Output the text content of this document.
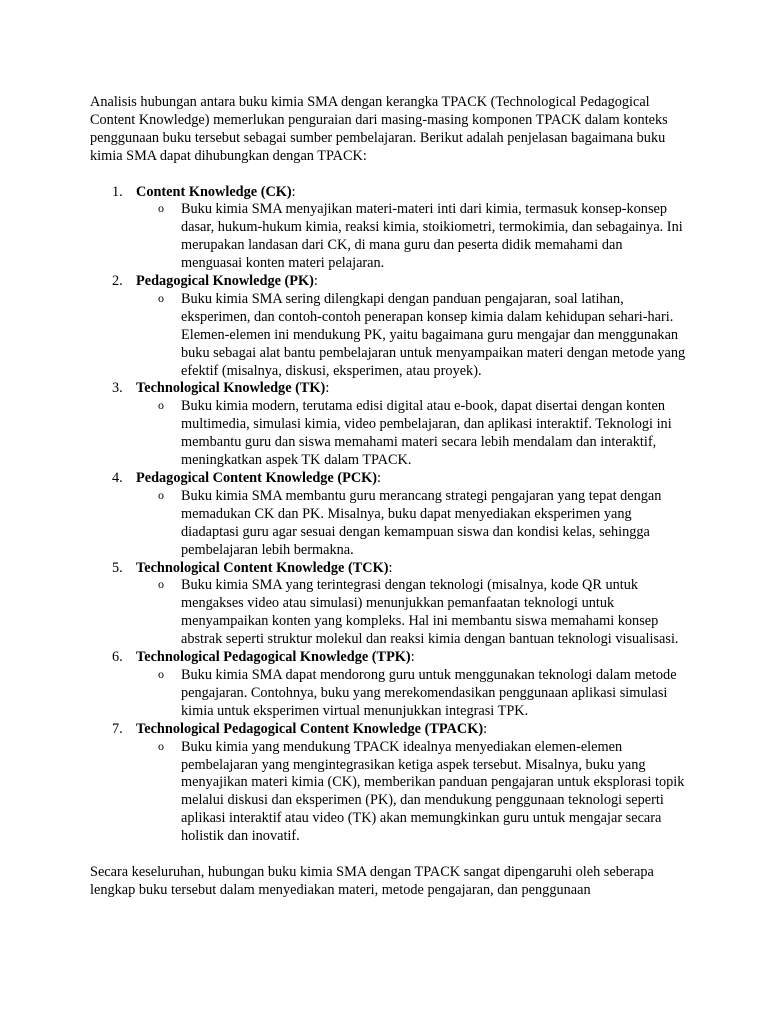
Analisis hubungan antara buku kimia SMA dengan kerangka TPACK (Technological Pedagogical Content Knowledge) memerlukan penguraian dari masing-masing komponen TPACK dalam konteks penggunaan buku tersebut sebagai sumber pembelajaran. Berikut adalah penjelasan bagaimana buku kimia SMA dapat dihubungkan dengan TPACK:

1. Content Knowledge (CK):
o Buku kimia SMA menyajikan materi-materi inti dari kimia, termasuk konsep-konsep dasar, hukum-hukum kimia, reaksi kimia, stoikiometri, termokimia, dan sebagainya. Ini merupakan landasan dari CK, di mana guru dan peserta didik memahami dan menguasai konten materi pelajaran.
2. Pedagogical Knowledge (PK):
o Buku kimia SMA sering dilengkapi dengan panduan pengajaran, soal latihan, eksperimen, dan contoh-contoh penerapan konsep kimia dalam kehidupan sehari-hari. Elemen-elemen ini mendukung PK, yaitu bagaimana guru mengajar dan menggunakan buku sebagai alat bantu pembelajaran untuk menyampaikan materi dengan metode yang efektif (misalnya, diskusi, eksperimen, atau proyek).
3. Technological Knowledge (TK):
o Buku kimia modern, terutama edisi digital atau e-book, dapat disertai dengan konten multimedia, simulasi kimia, video pembelajaran, dan aplikasi interaktif. Teknologi ini membantu guru dan siswa memahami materi secara lebih mendalam dan interaktif, meningkatkan aspek TK dalam TPACK.
4. Pedagogical Content Knowledge (PCK):
o Buku kimia SMA membantu guru merancang strategi pengajaran yang tepat dengan memadukan CK dan PK. Misalnya, buku dapat menyediakan eksperimen yang diadaptasi guru agar sesuai dengan kemampuan siswa dan kondisi kelas, sehingga pembelajaran lebih bermakna.
5. Technological Content Knowledge (TCK):
o Buku kimia SMA yang terintegrasi dengan teknologi (misalnya, kode QR untuk mengakses video atau simulasi) menunjukkan pemanfaatan teknologi untuk menyampaikan konten yang kompleks. Hal ini membantu siswa memahami konsep abstrak seperti struktur molekul dan reaksi kimia dengan bantuan teknologi visualisasi.
6. Technological Pedagogical Knowledge (TPK):
o Buku kimia SMA dapat mendorong guru untuk menggunakan teknologi dalam metode pengajaran. Contohnya, buku yang merekomendasikan penggunaan aplikasi simulasi kimia untuk eksperimen virtual menunjukkan integrasi TPK.
7. Technological Pedagogical Content Knowledge (TPACK):
o Buku kimia yang mendukung TPACK idealnya menyediakan elemen-elemen pembelajaran yang mengintegrasikan ketiga aspek tersebut. Misalnya, buku yang menyajikan materi kimia (CK), memberikan panduan pengajaran untuk eksplorasi topik melalui diskusi dan eksperimen (PK), dan mendukung penggunaan teknologi seperti aplikasi interaktif atau video (TK) akan memungkinkan guru untuk mengajar secara holistik dan inovatif.

Secara keseluruhan, hubungan buku kimia SMA dengan TPACK sangat dipengaruhi oleh seberapa lengkap buku tersebut dalam menyediakan materi, metode pengajaran, dan penggunaan
